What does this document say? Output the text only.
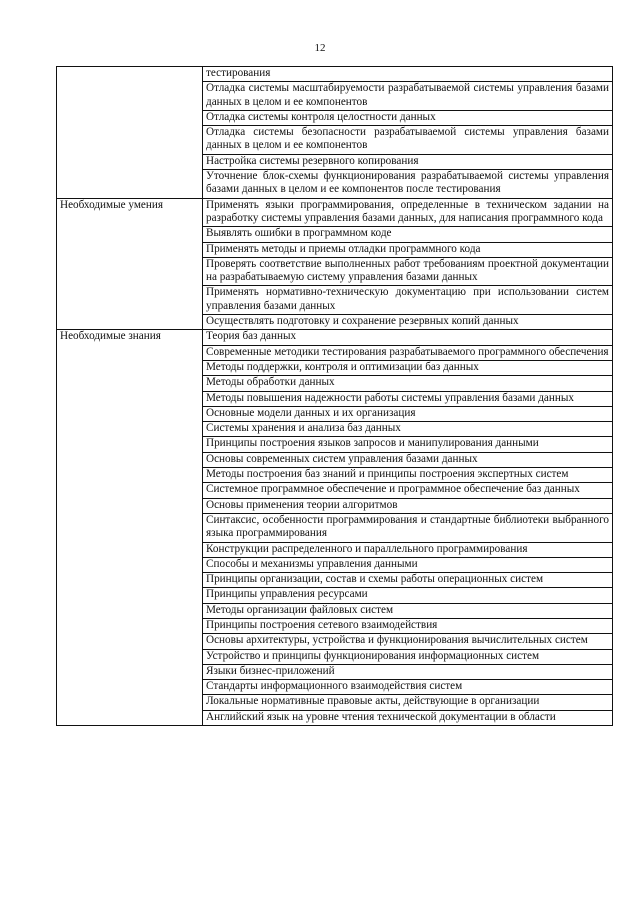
12
	тестирования
	Отладка системы масштабируемости разрабатываемой системы управления базами данных в целом и ее компонентов
	Отладка системы контроля целостности данных
	Отладка системы безопасности разрабатываемой системы управления базами данных в целом и ее компонентов
	Настройка системы резервного копирования
	Уточнение блок-схемы функционирования разрабатываемой системы управления базами данных в целом и ее компонентов после тестирования
Необходимые умения	Применять языки программирования, определенные в техническом задании на разработку системы управления базами данных, для написания программного кода
	Выявлять ошибки в программном коде
	Применять методы и приемы отладки программного кода
	Проверять соответствие выполненных работ требованиям проектной документации на разрабатываемую систему управления базами данных
	Применять нормативно-техническую документацию при использовании систем управления базами данных
	Осуществлять подготовку и сохранение резервных копий данных
Необходимые знания	Теория баз данных
	Современные методики тестирования разрабатываемого программного обеспечения
	Методы поддержки, контроля и оптимизации баз данных
	Методы обработки данных
	Методы повышения надежности работы системы управления базами данных
	Основные модели данных и их организация
	Системы хранения и анализа баз данных
	Принципы построения языков запросов и манипулирования данными
	Основы современных систем управления базами данных
	Методы построения баз знаний и принципы построения экспертных систем
	Системное программное обеспечение и программное обеспечение баз данных
	Основы применения теории алгоритмов
	Синтаксис, особенности программирования и стандартные библиотеки выбранного языка программирования
	Конструкции распределенного и параллельного программирования
	Способы и механизмы управления данными
	Принципы организации, состав и схемы работы операционных систем
	Принципы управления ресурсами
	Методы организации файловых систем
	Принципы построения сетевого взаимодействия
	Основы архитектуры, устройства и функционирования вычислительных систем
	Устройство и принципы функционирования информационных систем
	Языки бизнес-приложений
	Стандарты информационного взаимодействия систем
	Локальные нормативные правовые акты, действующие в организации
	Английский язык на уровне чтения технической документации в области
